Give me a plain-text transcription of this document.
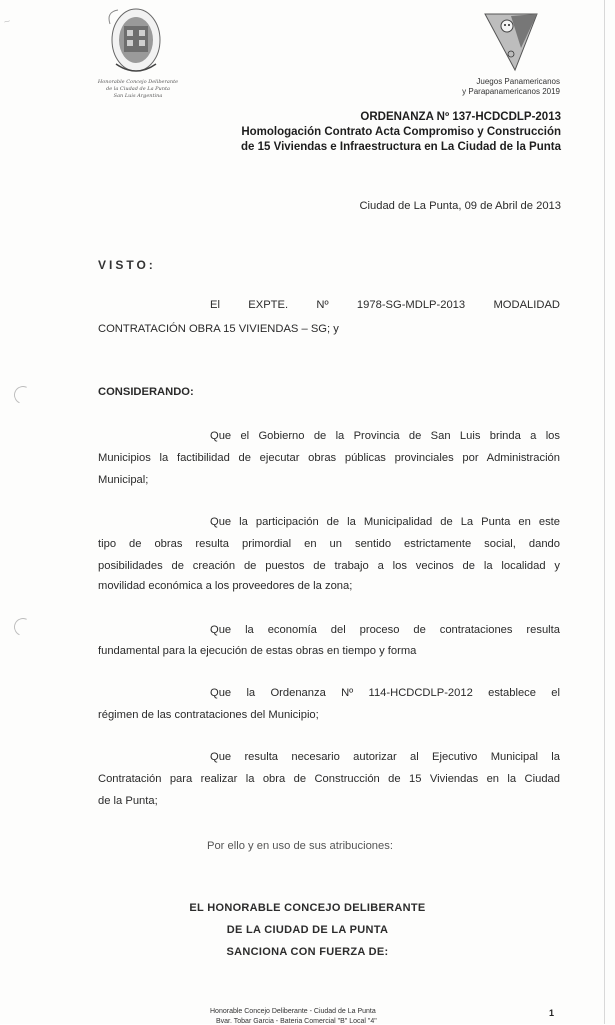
~
Honorable Concejo Deliberante
de la Ciudad de La Punta
San Luis Argentina
Juegos Panamericanos
y Parapanamericanos 2019
ORDENANZA Nº 137-HCDCDLP-2013
Homologación Contrato Acta Compromiso y Construcción
de 15 Viviendas e Infraestructura en La Ciudad de la Punta
Ciudad de La Punta, 09 de Abril de 2013
VISTO:
El EXPTE. Nº 1978-SG-MDLP-2013 MODALIDAD
CONTRATACIÓN OBRA 15 VIVIENDAS – SG; y
CONSIDERANDO:
Que el Gobierno de la Provincia de San Luis brinda a los
Municipios la factibilidad de ejecutar obras públicas provinciales por Administración
Municipal;
Que la participación de la Municipalidad de La Punta en este
tipo de obras resulta primordial en un sentido estrictamente social, dando
posibilidades de creación de puestos de trabajo a los vecinos de la localidad y
movilidad económica a los proveedores de la zona;
Que la economía del proceso de contrataciones resulta
fundamental para la ejecución de estas obras en tiempo y forma
Que la Ordenanza Nº 114-HCDCDLP-2012 establece el
régimen de las contrataciones del Municipio;
Que resulta necesario autorizar al Ejecutivo Municipal la
Contratación para realizar la obra de Construcción de 15 Viviendas en la Ciudad
de la Punta;
Por ello y en uso de sus atribuciones:
EL HONORABLE CONCEJO DELIBERANTE
DE LA CIUDAD DE LA PUNTA
SANCIONA CON FUERZA DE:
Honorable Concejo Deliberante - Ciudad de La Punta
Bvar. Tobar Garcia - Bateria Comercial "B" Local "4"
1
